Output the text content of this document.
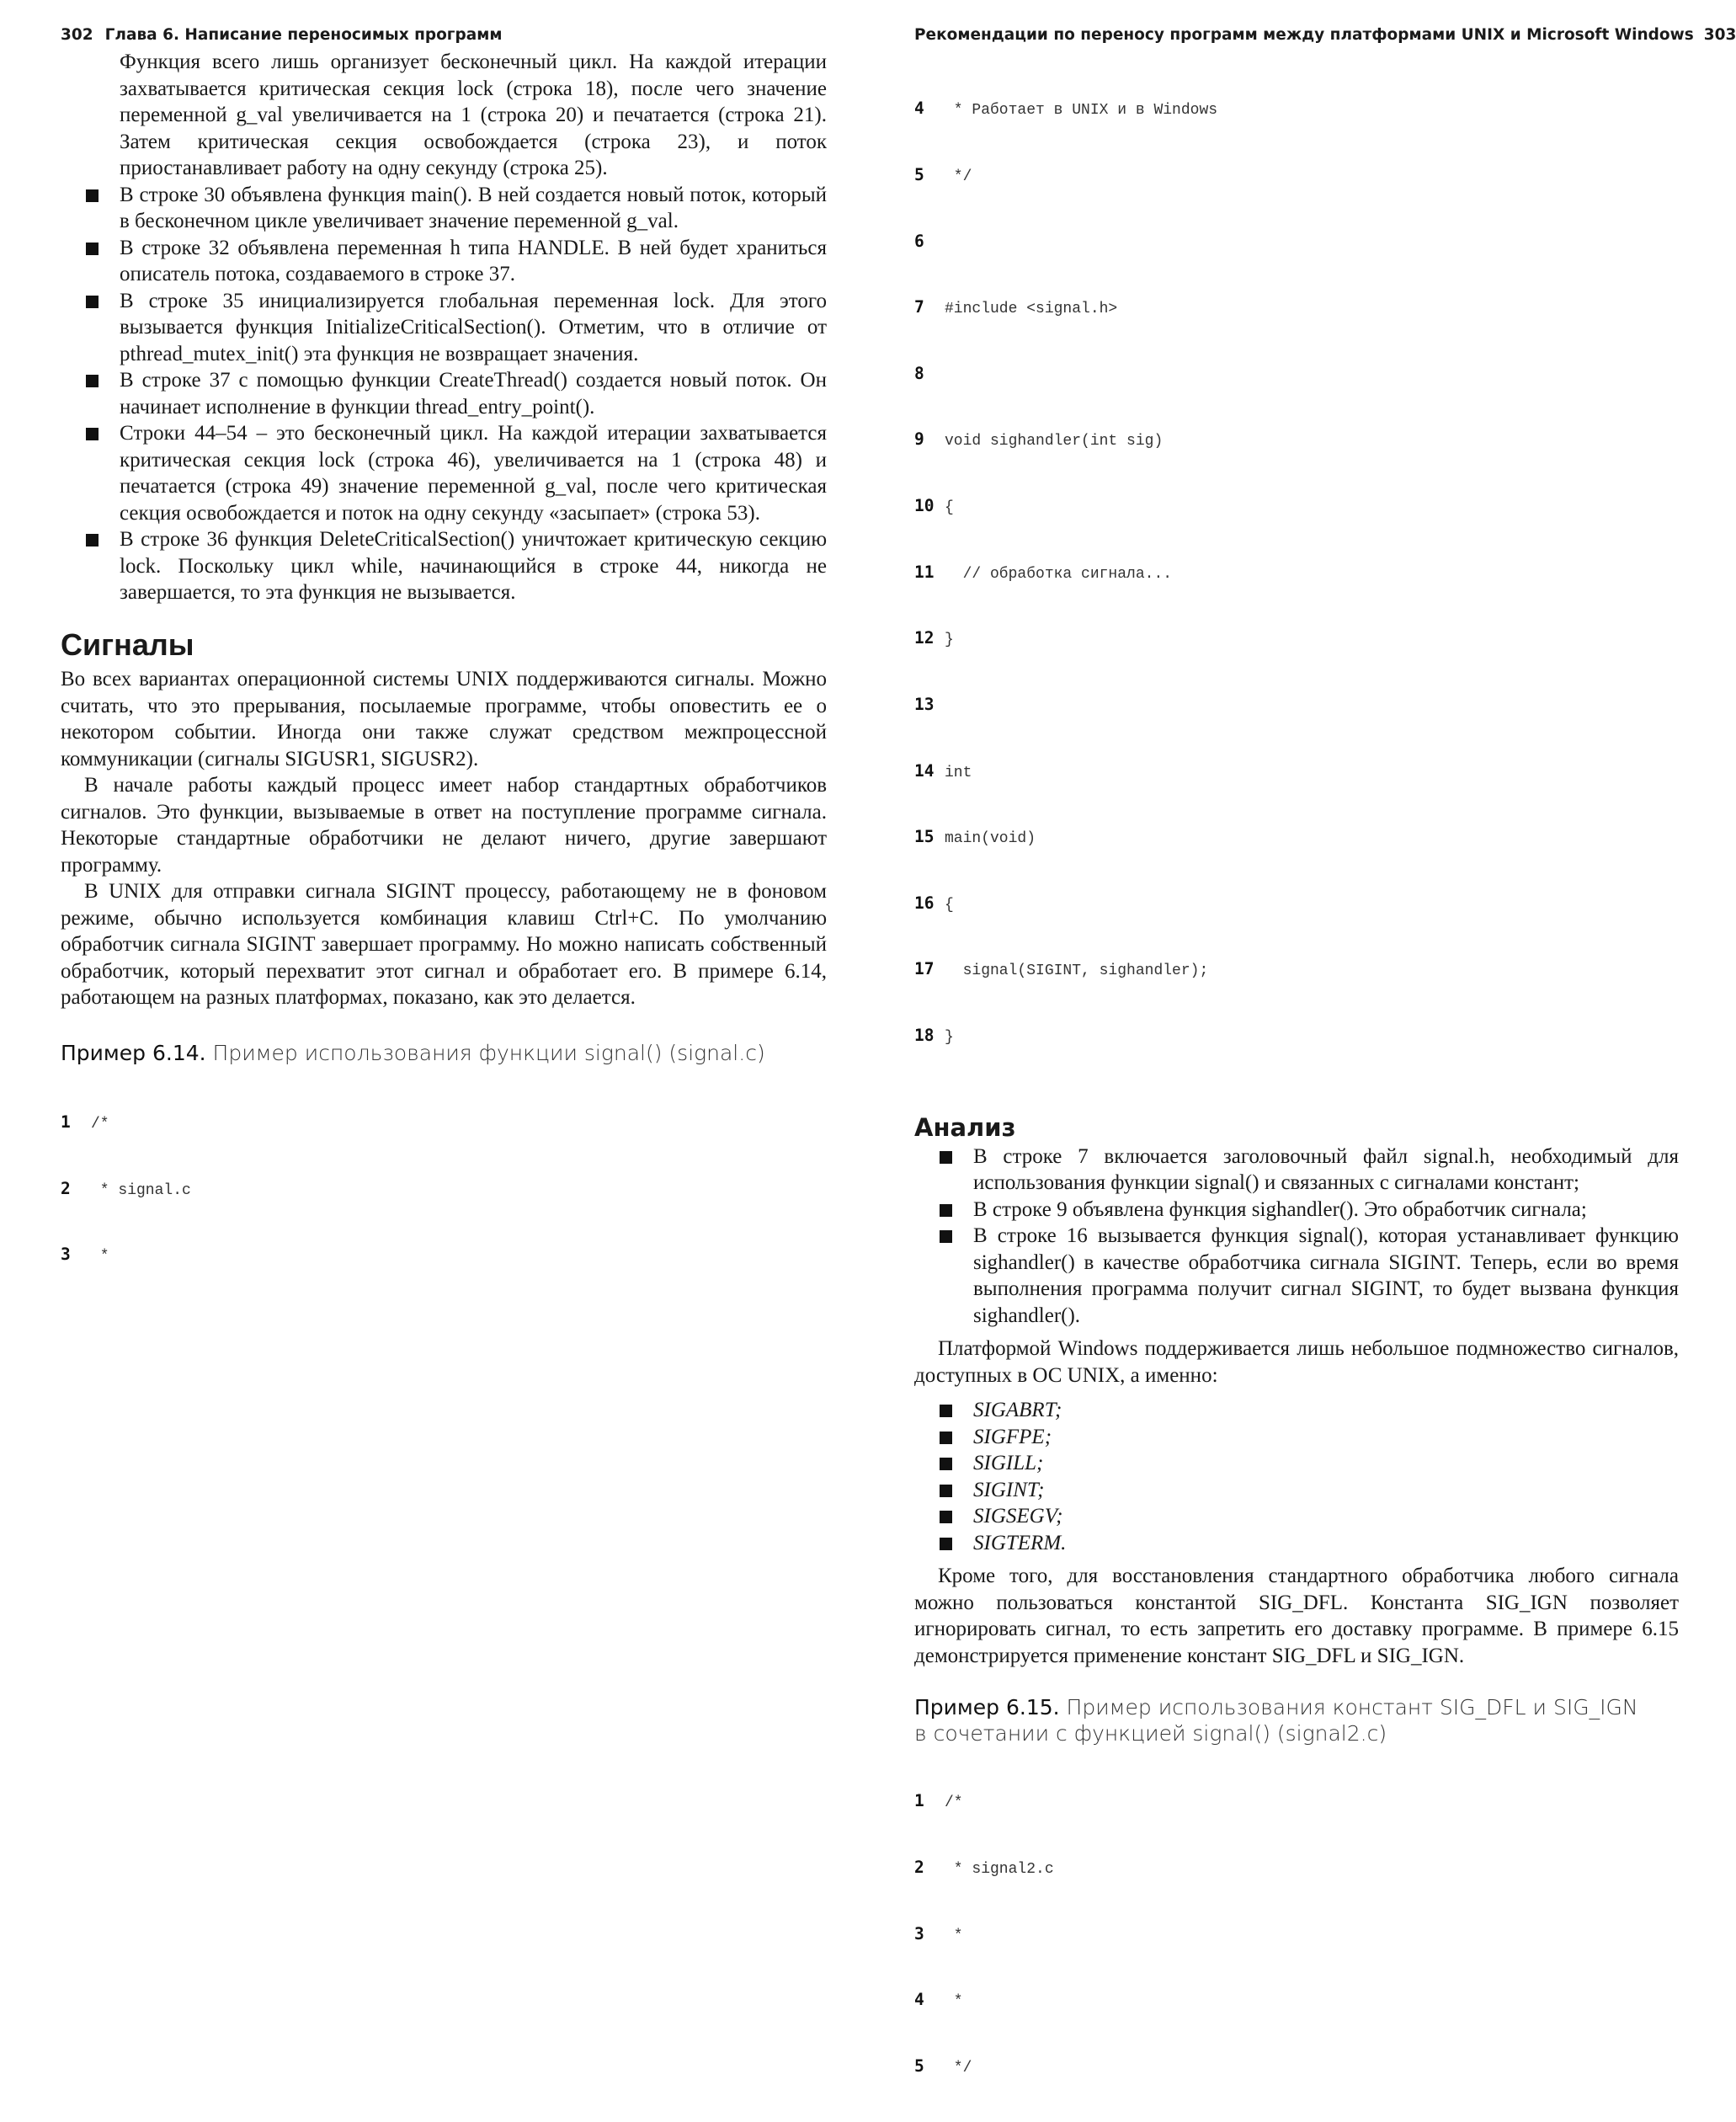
302 Глава 6. Написание переносимых программ

Функция всего лишь организует бесконечный цикл. На каждой итерации захватывается критическая секция lock (строка 18), после чего значение переменной g_val увеличивается на 1 (строка 20) и печатается (строка 21). Затем критическая секция освобождается (строка 23), и поток приостанавливает работу на одну секунду (строка 25).

В строке 30 объявлена функция main(). В ней создается новый поток, который в бесконечном цикле увеличивает значение переменной g_val.
В строке 32 объявлена переменная h типа HANDLE. В ней будет храниться описатель потока, создаваемого в строке 37.
В строке 35 инициализируется глобальная переменная lock. Для этого вызывается функция InitializeCriticalSection(). Отметим, что в отличие от pthread_mutex_init() эта функция не возвращает значения.
В строке 37 с помощью функции CreateThread() создается новый поток. Он начинает исполнение в функции thread_entry_point().
Строки 44–54 – это бесконечный цикл. На каждой итерации захватывается критическая секция lock (строка 46), увеличивается на 1 (строка 48) и печатается (строка 49) значение переменной g_val, после чего критическая секция освобождается и поток на одну секунду «засыпает» (строка 53).
В строке 36 функция DeleteCriticalSection() уничтожает критическую секцию lock. Поскольку цикл while, начинающийся в строке 44, никогда не завершается, то эта функция не вызывается.
Сигналы

Во всех вариантах операционной системы UNIX поддерживаются сигналы. Можно считать, что это прерывания, посылаемые программе, чтобы оповестить ее о некотором событии. Иногда они также служат средством межпроцессной коммуникации (сигналы SIGUSR1, SIGUSR2).

В начале работы каждый процесс имеет набор стандартных обработчиков сигналов. Это функции, вызываемые в ответ на поступление программе сигнала. Некоторые стандартные обработчики не делают ничего, другие завершают программу.

В UNIX для отправки сигнала SIGINT процессу, работающему не в фоновом режиме, обычно используется комбинация клавиш Ctrl+C. По умолчанию обработчик сигнала SIGINT завершает программу. Но можно написать собственный обработчик, который перехватит этот сигнал и обработает его. В примере 6.14, работающем на разных платформах, показано, как это делается.

Пример 6.14. Пример использования функции signal() (signal.c)

1 /*

2 * signal.c

3 *

Рекомендации по переносу программ между платформами UNIX и Microsoft Windows 303

4 * Работает в UNIX и в Windows

5 */

6

7 #include <signal.h>

8

9 void sighandler(int sig)

10 {

11  // обработка сигнала...

12 }

13

14 int

15 main(void)

16 {

17  signal(SIGINT, sighandler);

18 }

Анализ
В строке 7 включается заголовочный файл signal.h, необходимый для использования функции signal() и связанных с сигналами констант;
В строке 9 объявлена функция sighandler(). Это обработчик сигнала;
В строке 16 вызывается функция signal(), которая устанавливает функцию sighandler() в качестве обработчика сигнала SIGINT. Теперь, если во время выполнения программа получит сигнал SIGINT, то будет вызвана функция sighandler().

Платформой Windows поддерживается лишь небольшое подмножество сигналов, доступных в ОС UNIX, а именно:

SIGABRT;
SIGFPE;
SIGILL;
SIGINT;
SIGSEGV;
SIGTERM.

Кроме того, для восстановления стандартного обработчика любого сигнала можно пользоваться константой SIG_DFL. Константа SIG_IGN позволяет игнорировать сигнал, то есть запретить его доставку программе. В примере 6.15 демонстрируется применение констант SIG_DFL и SIG_IGN.

Пример 6.15. Пример использования констант SIG_DFL и SIG_IGN

в сочетании с функцией signal() (signal2.c)

1 /*

2 * signal2.c

3 *

4 *

5 */
